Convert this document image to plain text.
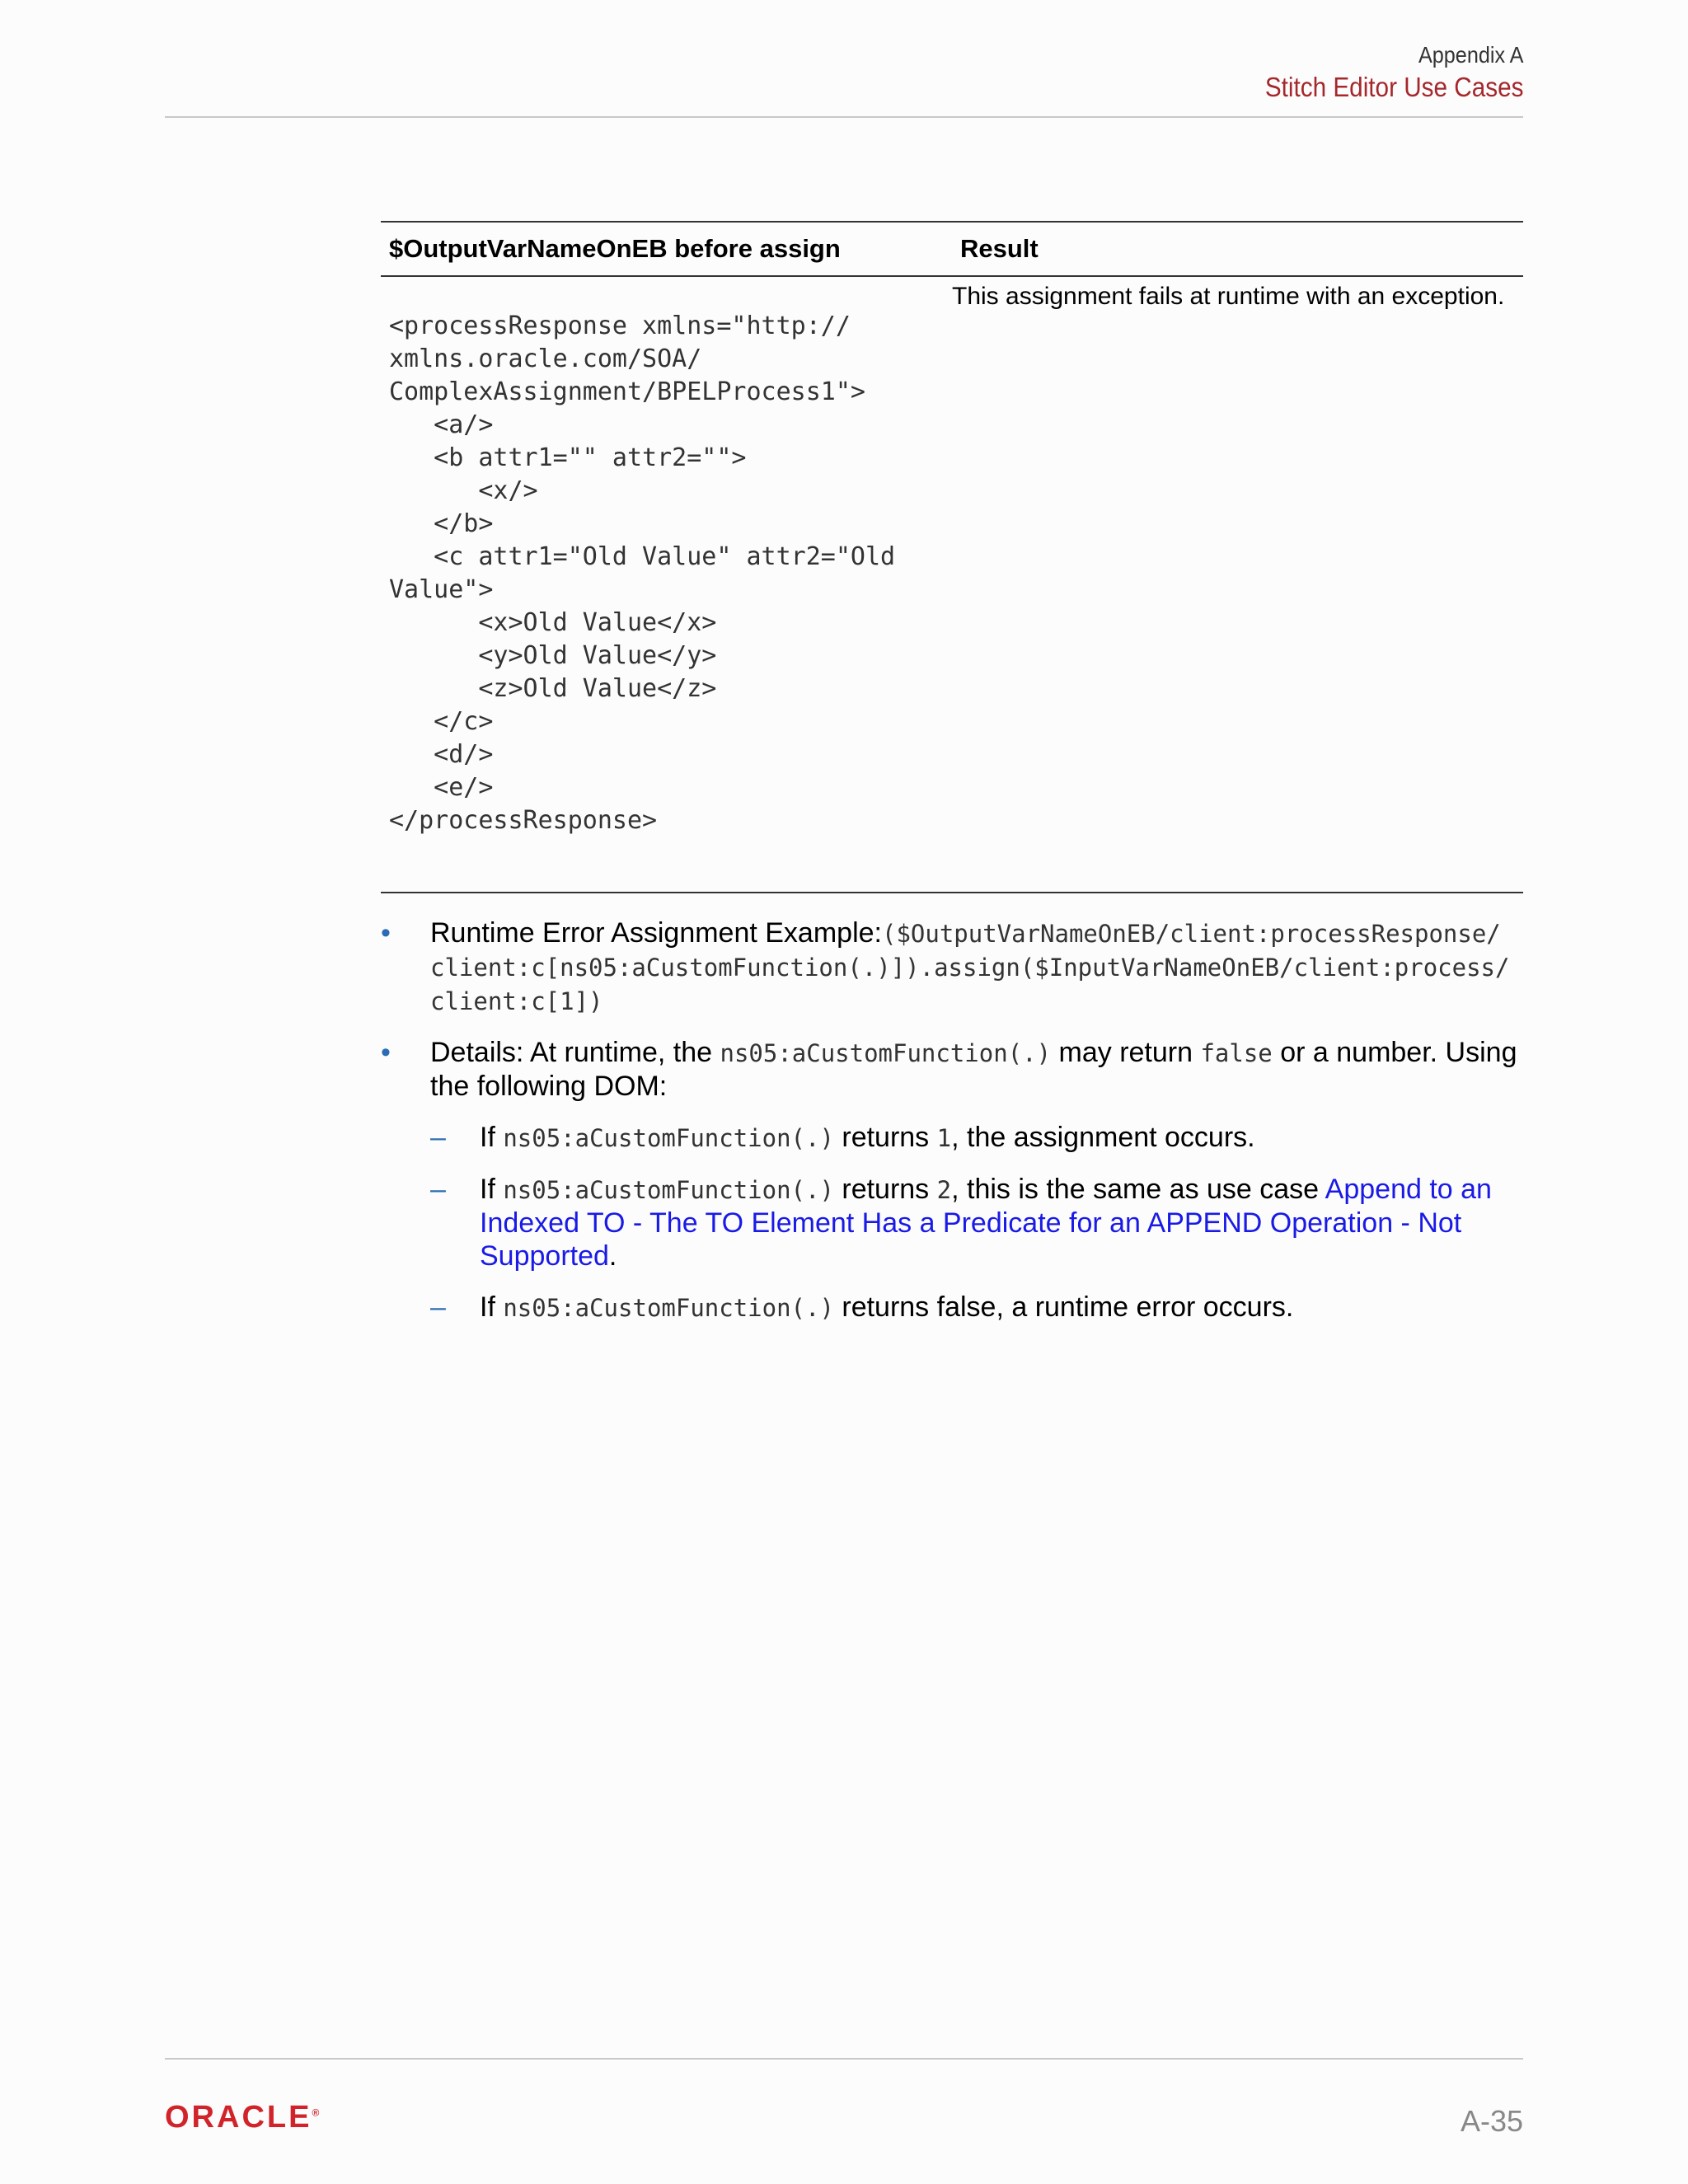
Appendix A
Stitch Editor Use Cases
$OutputVarNameOnEB before assign	Result
<processResponse xmlns="http://
xmlns.oracle.com/SOA/
ComplexAssignment/BPELProcess1">
<a/>
<b attr1="" attr2="">
<x/>
</b>
<c attr1="Old Value" attr2="Old
Value">
<x>Old Value</x>
<y>Old Value</y>
<z>Old Value</z>
</c>
<d/>
<e/>
</processResponse>
This assignment fails at runtime with an exception.
• Runtime Error Assignment Example:($OutputVarNameOnEB/client:processResponse/
client:c[ns05:aCustomFunction(.)]).assign($InputVarNameOnEB/client:process/
client:c[1])
• Details: At runtime, the ns05:aCustomFunction(.) may return false or a number. Using the following DOM:
– If ns05:aCustomFunction(.) returns 1, the assignment occurs.
– If ns05:aCustomFunction(.) returns 2, this is the same as use case Append to an Indexed TO - The TO Element Has a Predicate for an APPEND Operation - Not Supported.
– If ns05:aCustomFunction(.) returns false, a runtime error occurs.
ORACLE®	A-35
